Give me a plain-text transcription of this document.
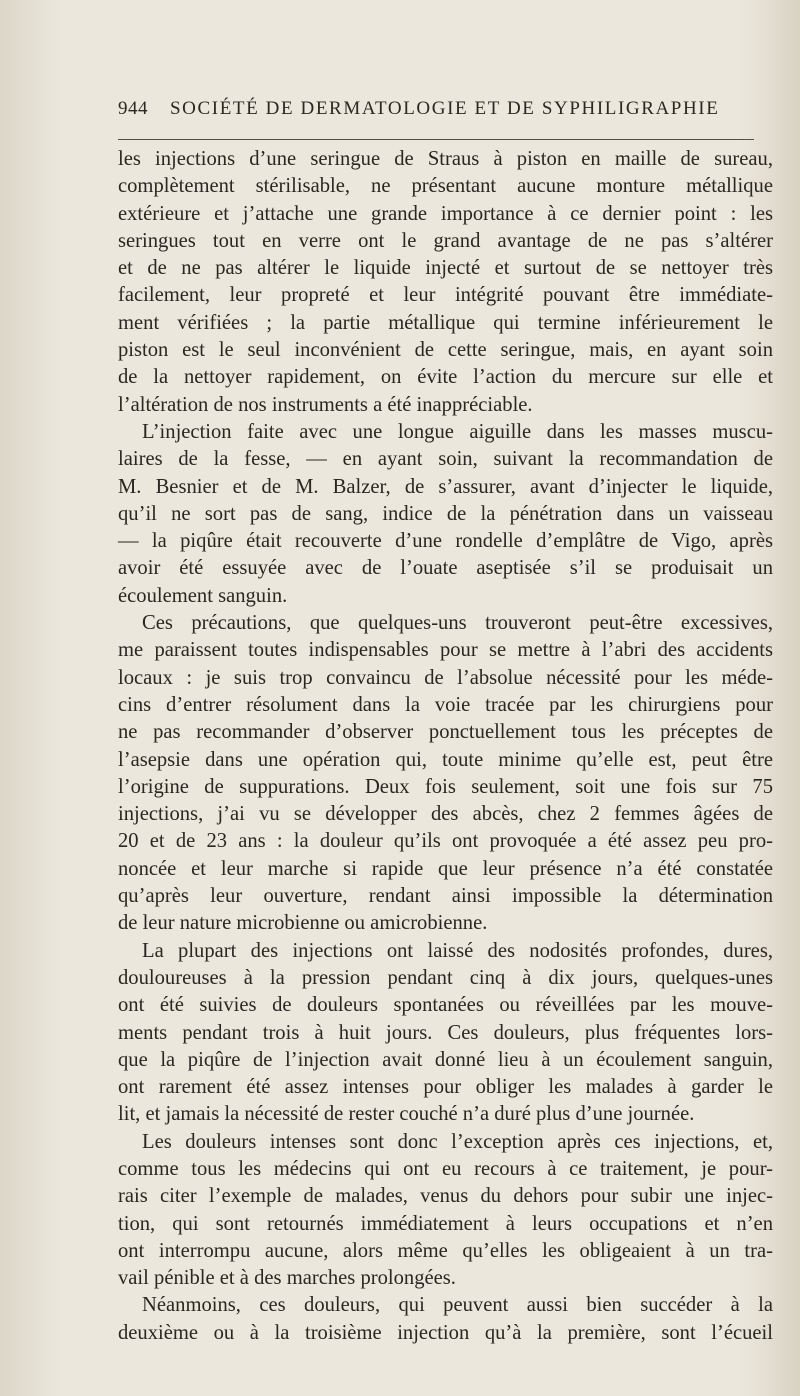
944 SOCIÉTÉ DE DERMATOLOGIE ET DE SYPHILIGRAPHIE
les injections d’une seringue de Straus à piston en maille de sureau,
complètement stérilisable, ne présentant aucune monture métallique
extérieure et j’attache une grande importance à ce dernier point : les
seringues tout en verre ont le grand avantage de ne pas s’altérer
et de ne pas altérer le liquide injecté et surtout de se nettoyer très
facilement, leur propreté et leur intégrité pouvant être immédiate-
ment vérifiées ; la partie métallique qui termine inférieurement le
piston est le seul inconvénient de cette seringue, mais, en ayant soin
de la nettoyer rapidement, on évite l’action du mercure sur elle et
l’altération de nos instruments a été inappréciable.
L’injection faite avec une longue aiguille dans les masses muscu-
laires de la fesse, — en ayant soin, suivant la recommandation de
M. Besnier et de M. Balzer, de s’assurer, avant d’injecter le liquide,
qu’il ne sort pas de sang, indice de la pénétration dans un vaisseau
— la piqûre était recouverte d’une rondelle d’emplâtre de Vigo, après
avoir été essuyée avec de l’ouate aseptisée s’il se produisait un
écoulement sanguin.
Ces précautions, que quelques-uns trouveront peut-être excessives,
me paraissent toutes indispensables pour se mettre à l’abri des accidents
locaux : je suis trop convaincu de l’absolue nécessité pour les méde-
cins d’entrer résolument dans la voie tracée par les chirurgiens pour
ne pas recommander d’observer ponctuellement tous les préceptes de
l’asepsie dans une opération qui, toute minime qu’elle est, peut être
l’origine de suppurations. Deux fois seulement, soit une fois sur 75
injections, j’ai vu se développer des abcès, chez 2 femmes âgées de
20 et de 23 ans : la douleur qu’ils ont provoquée a été assez peu pro-
noncée et leur marche si rapide que leur présence n’a été constatée
qu’après leur ouverture, rendant ainsi impossible la détermination
de leur nature microbienne ou amicrobienne.
La plupart des injections ont laissé des nodosités profondes, dures,
douloureuses à la pression pendant cinq à dix jours, quelques-unes
ont été suivies de douleurs spontanées ou réveillées par les mouve-
ments pendant trois à huit jours. Ces douleurs, plus fréquentes lors-
que la piqûre de l’injection avait donné lieu à un écoulement sanguin,
ont rarement été assez intenses pour obliger les malades à garder le
lit, et jamais la nécessité de rester couché n’a duré plus d’une journée.
Les douleurs intenses sont donc l’exception après ces injections, et,
comme tous les médecins qui ont eu recours à ce traitement, je pour-
rais citer l’exemple de malades, venus du dehors pour subir une injec-
tion, qui sont retournés immédiatement à leurs occupations et n’en
ont interrompu aucune, alors même qu’elles les obligeaient à un tra-
vail pénible et à des marches prolongées.
Néanmoins, ces douleurs, qui peuvent aussi bien succéder à la
deuxième ou à la troisième injection qu’à la première, sont l’écueil
